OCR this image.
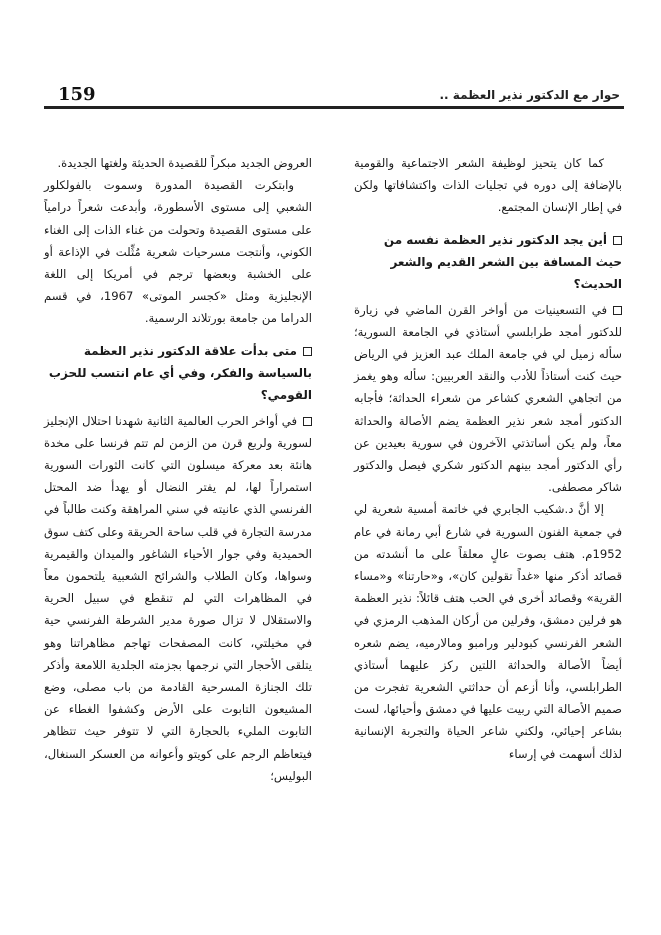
159	حوار مع الدكتور نذير العظمة ..

كما كان يتحيز لوظيفة الشعر الاجتماعية والقومية بالإضافة إلى دوره في تجليات الذات واكتشافاتها ولكن في إطار الإنسان المجتمع.

أين يجد الدكتور نذير العظمة نفسه من حيث المسافة بين الشعر القديم والشعر الحديث؟

في التسعينيات من أواخر القرن الماضي في زيارة للدكتور أمجد طرابلسي أستاذي في الجامعة السورية؛ سأله زميل لي في جامعة الملك عبد العزيز في الرياض حيث كنت أستاذاً للأدب والنقد العربيين: سأله وهو يغمز من اتجاهي الشعري كشاعر من شعراء الحداثة؛ فأجابه الدكتور أمجد شعر نذير العظمة يضم الأصالة والحداثة معاً، ولم يكن أساتذتي الآخرون في سورية بعيدين عن رأي الدكتور أمجد بينهم الدكتور شكري فيصل والدكتور شاكر مصطفى.

إلا أنَّ د.شكيب الجابري في خاتمة أمسية شعرية لي في جمعية الفنون السورية في شارع أبي رمانة في عام 1952م. هتف بصوت عالٍ معلقاً على ما أنشدته من قصائد أذكر منها «غداً تقولين كان»، و«حارتنا» و«مساء القرية» وقصائد أخرى في الحب هتف قائلاً: نذير العظمة هو فرلين دمشق، وفرلين من أركان المذهب الرمزي في الشعر الفرنسي كبودلير ورامبو ومالارميه، يضم شعره أيضاً الأصالة والحداثة اللتين ركز عليهما أستاذي الطرابلسي، وأنا أزعم أن حداثتي الشعرية تفجرت من صميم الأصالة التي ربيت عليها في دمشق وأحيائها، لست بشاعر إحيائي، ولكني شاعر الحياة والتجربة الإنسانية لذلك أسهمت في إرساء

العروض الجديد مبكراً للقصيدة الحديثة ولغتها الجديدة.

وابتكرت القصيدة المدورة وسموت بالفولكلور الشعبي إلى مستوى الأسطورة، وأبدعت شعراً درامياً على مستوى القصيدة وتحولت من غناء الذات إلى الغناء الكوني، وأنتجت مسرحيات شعرية مُثِّلت في الإذاعة أو على الخشبة وبعضها ترجم في أمريكا إلى اللغة الإنجليزية ومثل «كجسر الموتى» 1967، في قسم الدراما من جامعة بورتلاند الرسمية.

متى بدأت علاقة الدكتور نذير العظمة بالسياسة والفكر، وفي أي عام انتسب للحزب القومي؟

في أواخر الحرب العالمية الثانية شهدنا احتلال الإنجليز لسورية ولربع قرن من الزمن لم تتم فرنسا على مخدة هانئة بعد معركة ميسلون التي كانت الثورات السورية استمراراً لها، لم يفتر النضال أو يهدأ ضد المحتل الفرنسي الذي عانيته في سني المراهقة وكنت طالباً في مدرسة التجارة في قلب ساحة الحريقة وعلى كتف سوق الحميدية وفي جوار الأحياء الشاغور والميدان والقيمرية وسواها، وكان الطلاب والشرائح الشعبية يلتحمون معاً في المظاهرات التي لم تنقطع في سبيل الحرية والاستقلال لا تزال صورة مدير الشرطة الفرنسي حية في مخيلتي، كانت المصفحات تهاجم مظاهراتنا وهو يتلقى الأحجار التي نرجمها بجزمته الجلدية اللامعة وأذكر تلك الجنازة المسرحية القادمة من باب مصلى، وضع المشيعون التابوت على الأرض وكشفوا الغطاء عن التابوت المليء بالحجارة التي لا تتوفر حيث تتظاهر فيتعاظم الرجم على كويتو وأعوانه من العسكر السنغال، البوليس؛
